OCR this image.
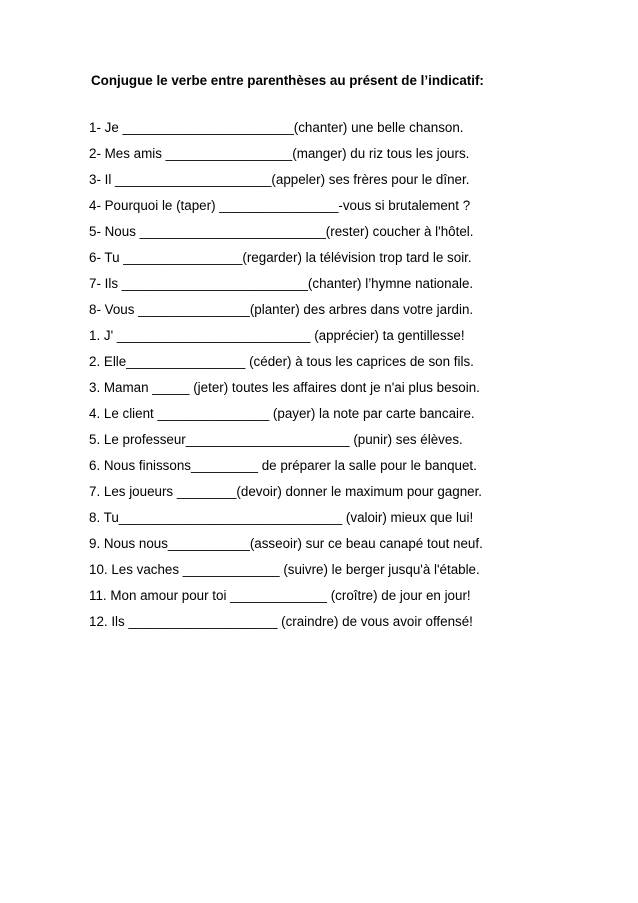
Conjugue le verbe entre parenthèses au présent de l’indicatif:
1- Je _______________________(chanter) une belle chanson.
2- Mes amis _________________(manger) du riz tous les jours.
3- Il _____________________(appeler) ses frères pour le dîner.
4- Pourquoi le (taper) ________________-vous si brutalement ?
5- Nous _________________________(rester) coucher à l'hôtel.
6- Tu ________________(regarder) la télévision trop tard le soir.
7- Ils _________________________(chanter) l’hymne nationale.
8- Vous _______________(planter) des arbres dans votre jardin.
1. J' __________________________ (apprécier) ta gentillesse!
2. Elle________________ (céder) à tous les caprices de son fils.
3. Maman _____ (jeter) toutes les affaires dont je n'ai plus besoin.
4. Le client _______________ (payer) la note par carte bancaire.
5. Le professeur______________________ (punir) ses élèves.
6. Nous finissons_________ de préparer la salle pour le banquet.
7. Les joueurs ________(devoir) donner le maximum pour gagner.
8. Tu______________________________ (valoir) mieux que lui!
9. Nous nous___________(asseoir) sur ce beau canapé tout neuf.
10. Les vaches _____________ (suivre) le berger jusqu'à l'étable.
11. Mon amour pour toi _____________ (croître) de jour en jour!
12. Ils ____________________ (craindre) de vous avoir offensé!
